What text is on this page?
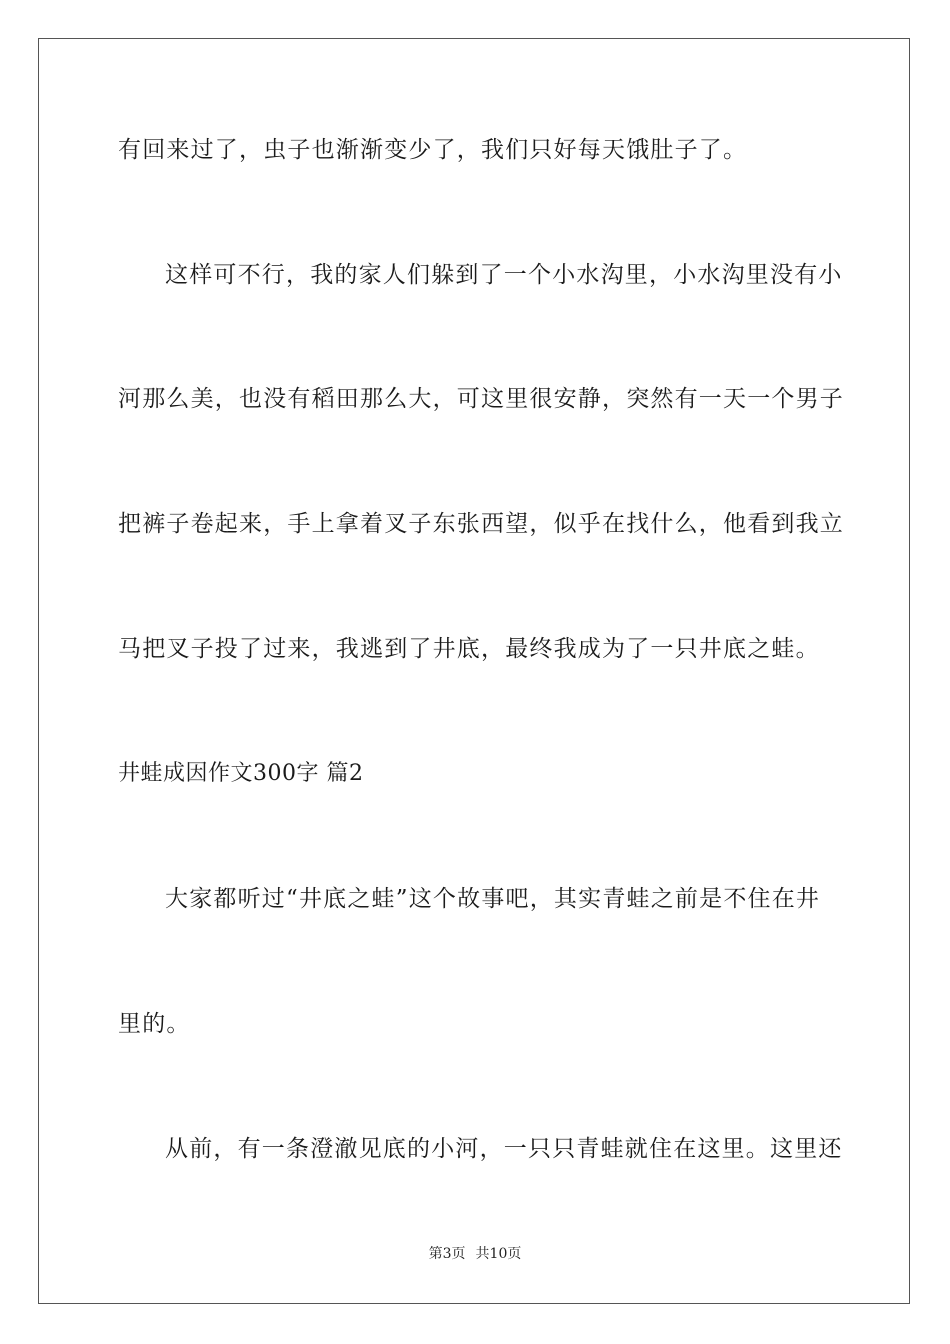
有回来过了，虫子也渐渐变少了，我们只好每天饿肚子了。
这样可不行，我的家人们躲到了一个小水沟里，小水沟里没有小
河那么美，也没有稻田那么大，可这里很安静，突然有一天一个男子
把裤子卷起来，手上拿着叉子东张西望，似乎在找什么，他看到我立
马把叉子投了过来，我逃到了井底，最终我成为了一只井底之蛙。
井蛙成因作文300字 篇2
大家都听过“井底之蛙”这个故事吧，其实青蛙之前是不住在井
里的。
从前，有一条澄澈见底的小河，一只只青蛙就住在这里。这里还
第3页 共10页
